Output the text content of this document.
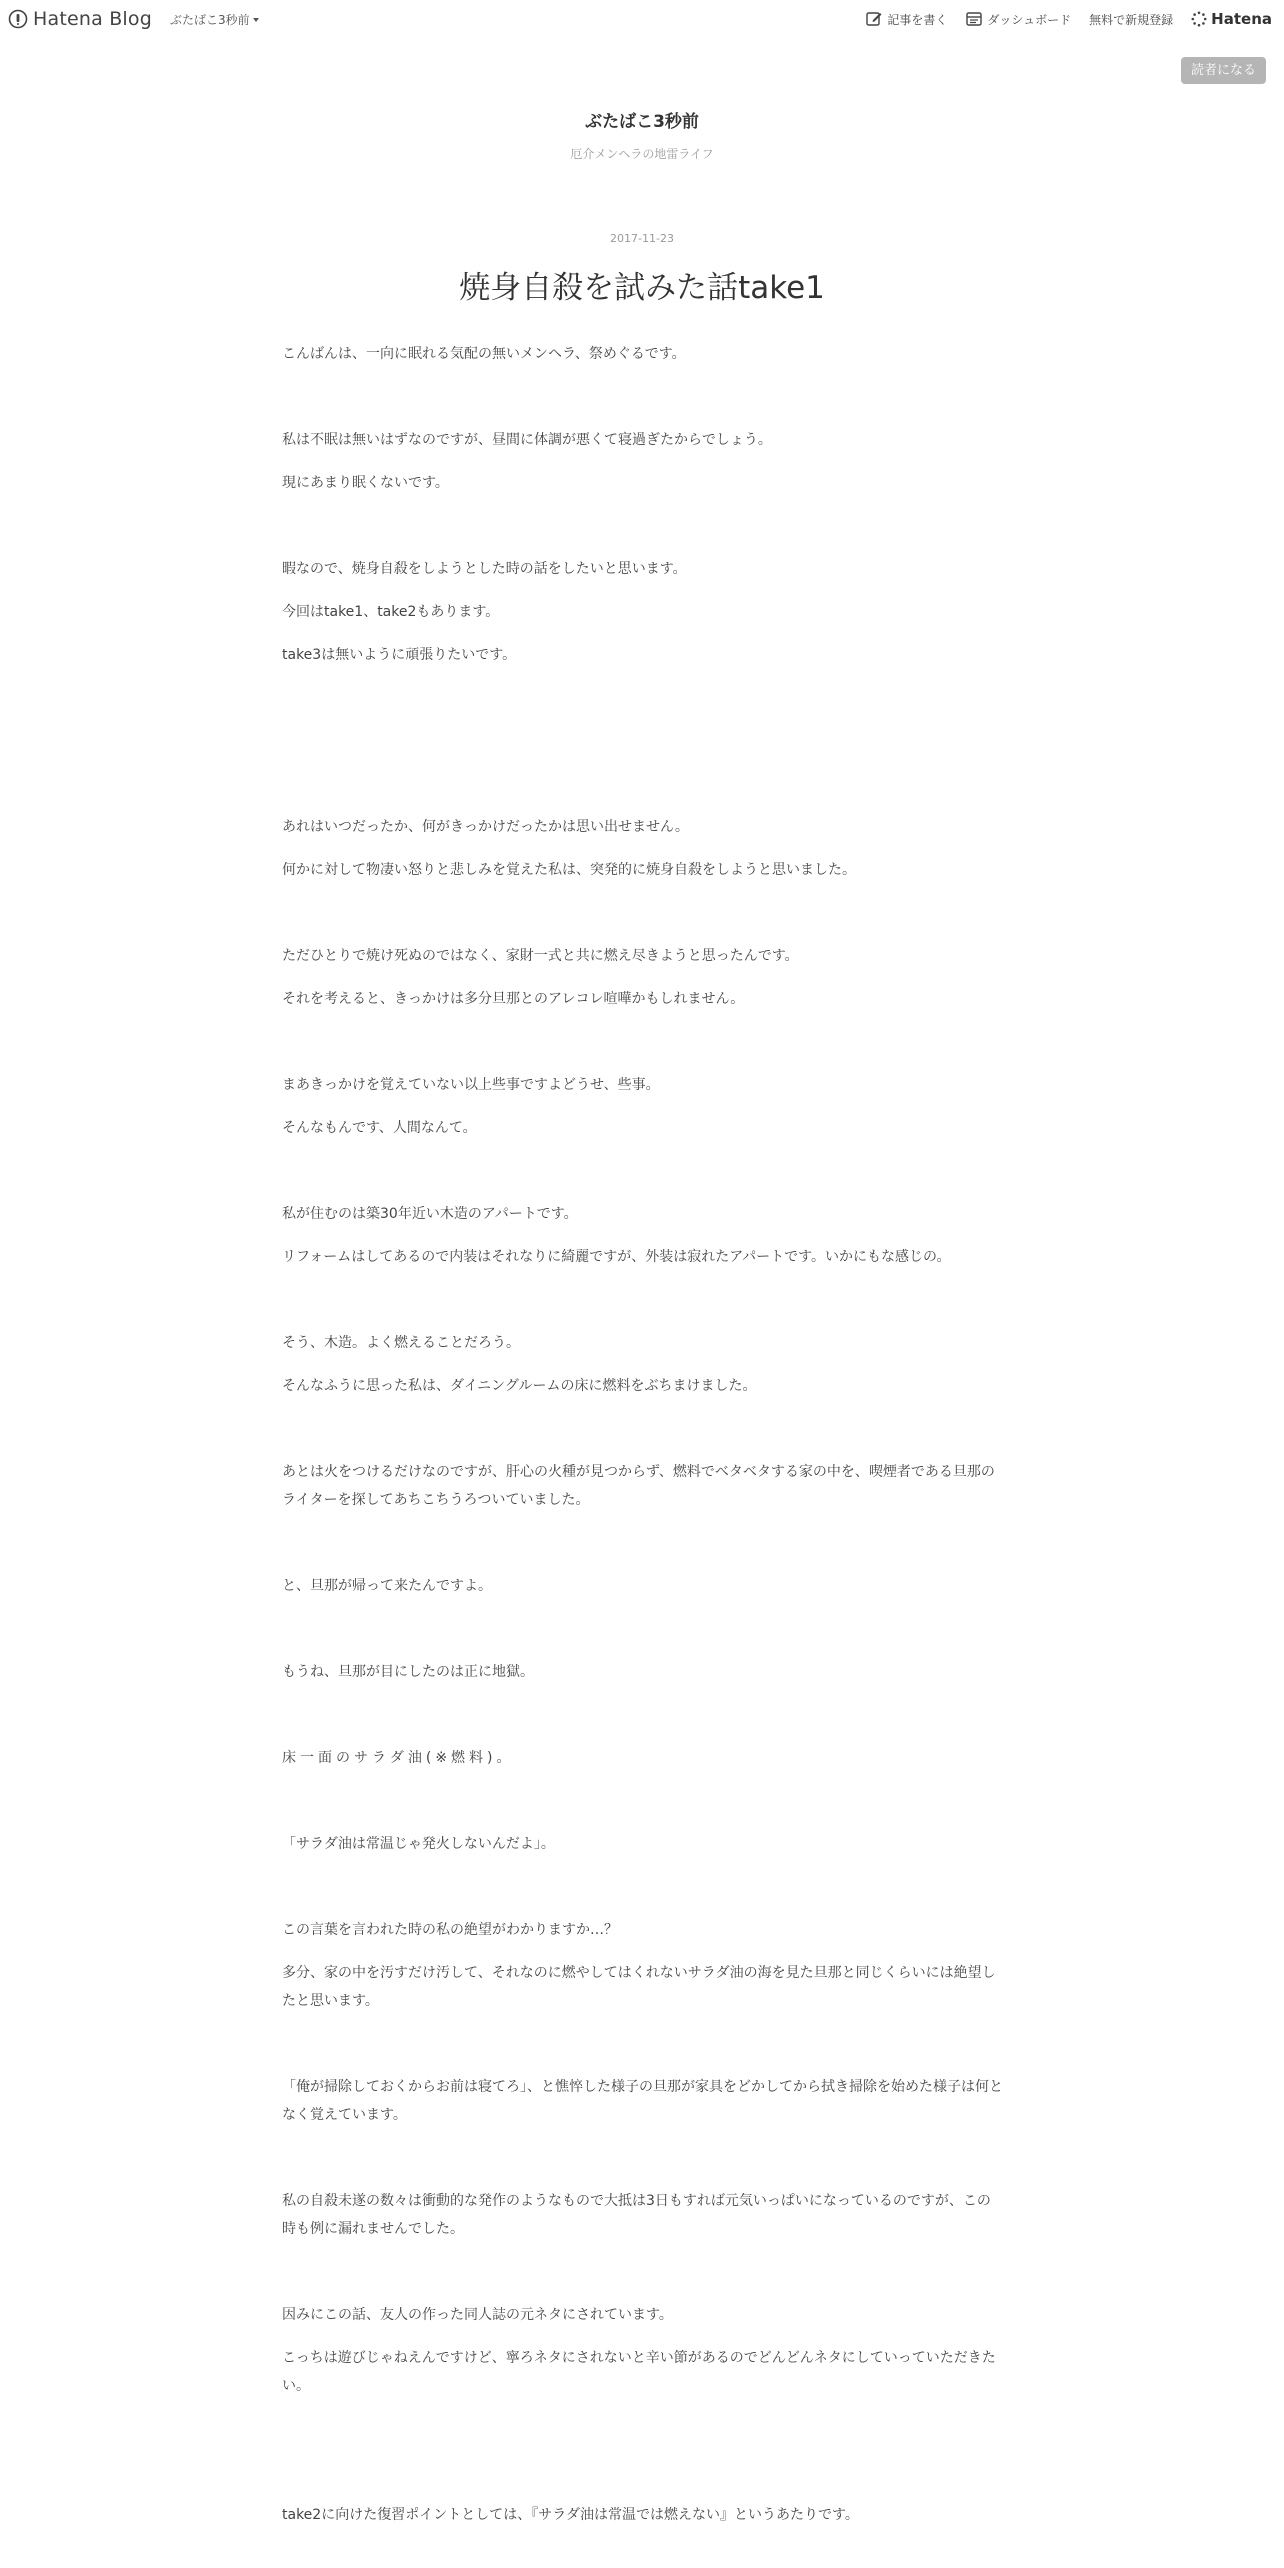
Hatena Blog ぶたばこ3秒前	記事を書く	ダッシュボード 無料で新規登録	Hatena
読者になる
ぶたばこ3秒前
厄介メンヘラの地雷ライフ
2017-11-23
焼身自殺を試みた話take1

こんばんは、一向に眠れる気配の無いメンヘラ、祭めぐるです。

私は不眠は無いはずなのですが、昼間に体調が悪くて寝過ぎたからでしょう。

現にあまり眠くないです。

暇なので、焼身自殺をしようとした時の話をしたいと思います。

今回はtake1、take2もあります。

take3は無いように頑張りたいです。

あれはいつだったか、何がきっかけだったかは思い出せません。

何かに対して物凄い怒りと悲しみを覚えた私は、突発的に焼身自殺をしようと思いました。

ただひとりで焼け死ぬのではなく、家財一式と共に燃え尽きようと思ったんです。

それを考えると、きっかけは多分旦那とのアレコレ喧嘩かもしれません。

まあきっかけを覚えていない以上些事ですよどうせ、些事。

そんなもんです、人間なんて。

私が住むのは築30年近い木造のアパートです。

リフォームはしてあるので内装はそれなりに綺麗ですが、外装は寂れたアパートです。いかにもな感じの。

そう、木造。よく燃えることだろう。

そんなふうに思った私は、ダイニングルームの床に燃料をぶちまけました。

あとは火をつけるだけなのですが、肝心の火種が見つからず、燃料でベタベタする家の中を、喫煙者である旦那のライターを探してあちこちうろついていました。

と、旦那が帰って来たんですよ。

もうね、旦那が目にしたのは正に地獄。

床一面のサラダ油(※燃料)。

「サラダ油は常温じゃ発火しないんだよ」。

この言葉を言われた時の私の絶望がわかりますか…？

多分、家の中を汚すだけ汚して、それなのに燃やしてはくれないサラダ油の海を見た旦那と同じくらいには絶望したと思います。

「俺が掃除しておくからお前は寝てろ」、と憔悴した様子の旦那が家具をどかしてから拭き掃除を始めた様子は何となく覚えています。

私の自殺未遂の数々は衝動的な発作のようなもので大抵は3日もすれば元気いっぱいになっているのですが、この時も例に漏れませんでした。

因みにこの話、友人の作った同人誌の元ネタにされています。

こっちは遊びじゃねえんですけど、寧ろネタにされないと辛い節があるのでどんどんネタにしていっていただきたい。

take2に向けた復習ポイントとしては、『サラダ油は常温では燃えない』というあたりです。
